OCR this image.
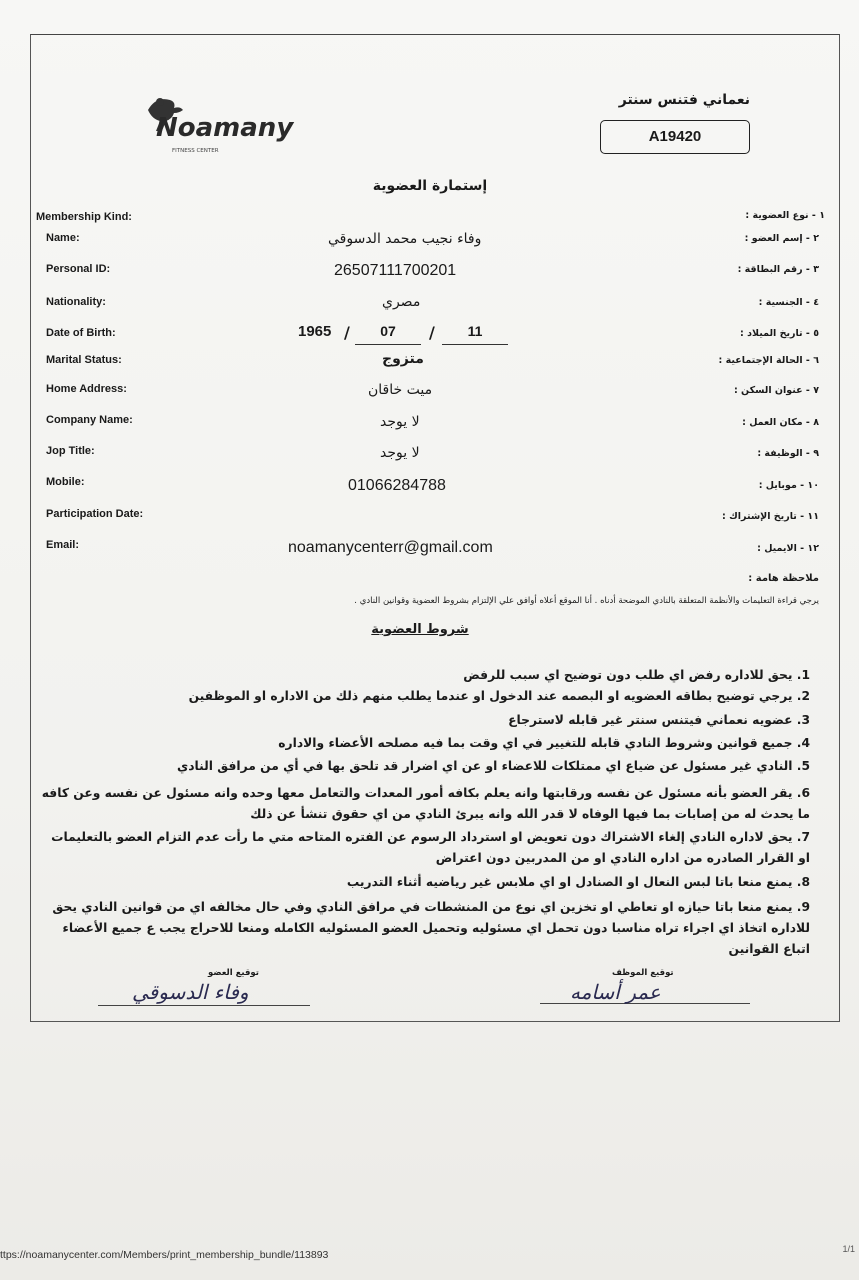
Noamany
FITNESS CENTER
نعماني فتنس سنتر
A19420
إستمارة العضوية
Membership Kind:	١ - نوع العضوية :
Name:	٢ - إسم العضو :
وفاء نجيب محمد الدسوقي
Personal ID:	٣ - رقم البطاقة :
26507111700201
Nationality:	٤ - الجنسية :
مصري
Date of Birth:	٥ - تاريخ الميلاد :
1965 /	07	/	11
Marital Status:	٦ - الحالة الإجتماعية :
متزوج
Home Address:	٧ - عنوان السكن :
ميت خاقان
Company Name:	٨ - مكان العمل :
لا يوجد
Jop Title:	٩ - الوظيفة :
لا يوجد
Mobile:	١٠ - موبايل :
01066284788
Participation Date:	١١ - تاريخ الإشتراك :
Email:	١٢ - الايميل :
noamanycenterr@gmail.com
ملاحظة هامة :
يرجي قراءة التعليمات والأنظمة المتعلقة بالنادي الموضحة أدناه . أنا الموقع أعلاه أوافق علي الإلتزام بشروط العضوية وقوانين النادي .
شروط العضوية
1. يحق للاداره رفض اي طلب دون توضيح اي سبب للرفض
2. يرجي توضيح بطاقه العضويه او البصمه عند الدخول او عندما يطلب منهم ذلك من الاداره او الموظفين
3. عضويه نعماني فيتنس سنتر غير قابله لاسترجاع
4. جميع قوانين وشروط النادي قابله للتغيير في اي وقت بما فيه مصلحه الأعضاء والاداره
5. النادي غير مسئول عن ضياع اي ممتلكات للاعضاء او عن اي اضرار قد تلحق بها في أي من مرافق النادي
6. يقر العضو بأنه مسئول عن نفسه ورقابتها وانه يعلم بكافه أمور المعدات والتعامل معها وحده وانه مسئول عن نفسه وعن كافه ما يحدث له من إصابات بما فيها الوفاه لا قدر الله وانه يبرئ النادي من اي حقوق تنشأ عن ذلك
7. يحق لاداره النادي إلغاء الاشتراك دون تعويض او استرداد الرسوم عن الفتره المتاحه متي ما رأت عدم التزام العضو بالتعليمات او القرار الصادره من اداره النادي او من المدربين دون اعتراض
8. يمنع منعا باتا لبس النعال او الصنادل او اي ملابس غير رياضيه أثناء التدريب
9. يمنع منعا باتا حيازه او تعاطي او تخزين اي نوع من المنشطات في مرافق النادي وفي حال مخالفه اي من قوانين النادي يحق للاداره اتخاذ اي اجراء تراه مناسبا دون تحمل اي مسئوليه وتحميل العضو المسئوليه الكامله ومنعا للاحراج يجب ع جميع الأعضاء اتباع القوانين
توقيع العضو
وفاء الدسوقي
توقيع الموظف
عمر أسامه
ttps://noamanycenter.com/Members/print_membership_bundle/113893	1/1
